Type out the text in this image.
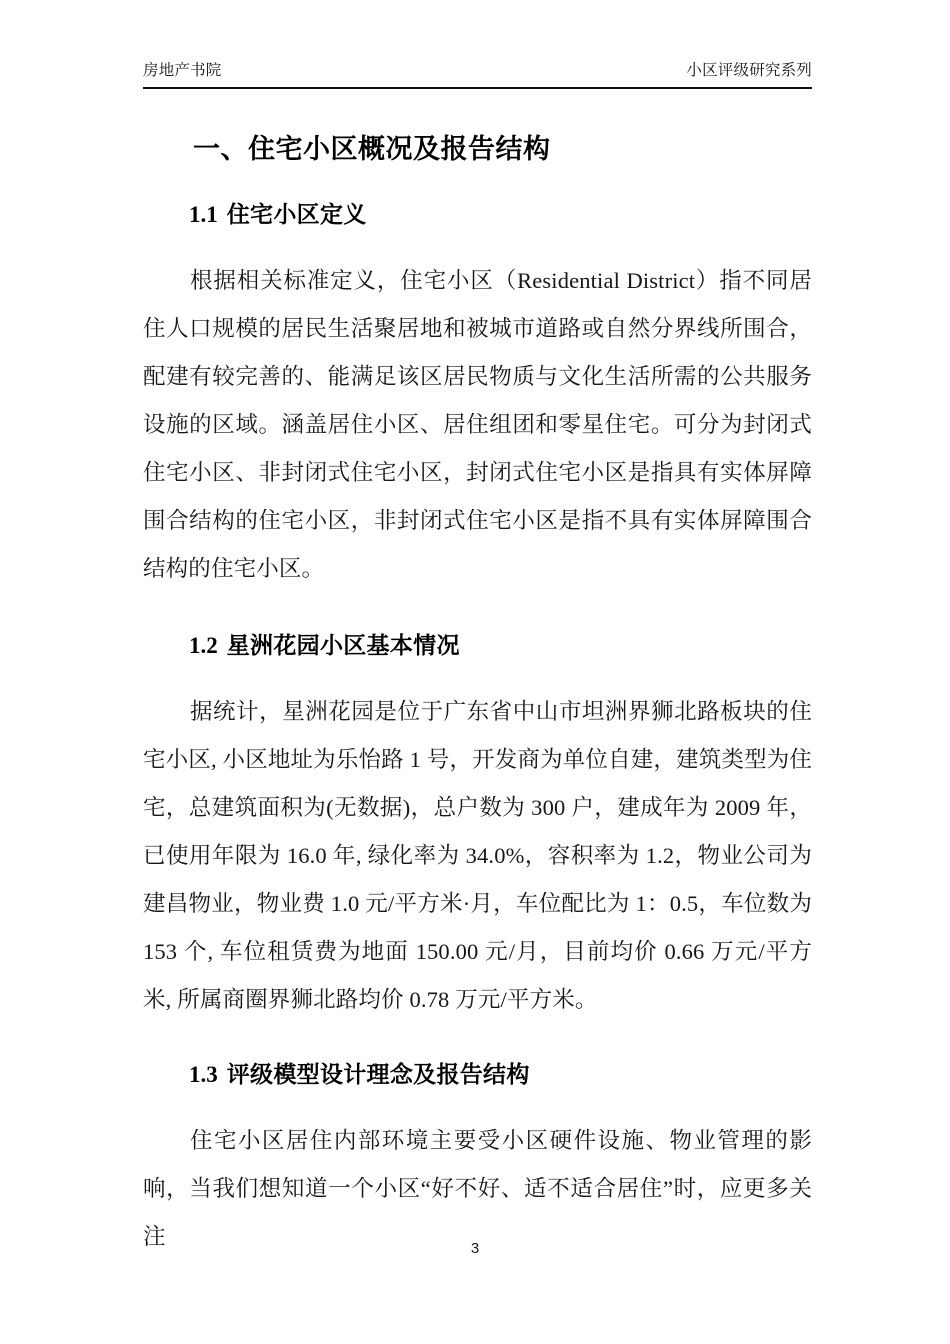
房地产书院	小区评级研究系列
一、住宅小区概况及报告结构
1.1 住宅小区定义

根据相关标准定义，住宅小区（Residential District）指不同居住人口规模的居民生活聚居地和被城市道路或自然分界线所围合，配建有较完善的、能满足该区居民物质与文化生活所需的公共服务设施的区域。涵盖居住小区、居住组团和零星住宅。可分为封闭式住宅小区、非封闭式住宅小区，封闭式住宅小区是指具有实体屏障围合结构的住宅小区，非封闭式住宅小区是指不具有实体屏障围合结构的住宅小区。

1.2 星洲花园小区基本情况

据统计，星洲花园是位于广东省中山市坦洲界狮北路板块的住宅小区, 小区地址为乐怡路 1 号，开发商为单位自建，建筑类型为住宅，总建筑面积为(无数据)，总户数为 300 户，建成年为 2009 年，已使用年限为 16.0 年, 绿化率为 34.0%，容积率为 1.2，物业公司为建昌物业，物业费 1.0 元/平方米·月，车位配比为 1：0.5，车位数为 153 个, 车位租赁费为地面 150.00 元/月，目前均价 0.66 万元/平方米, 所属商圈界狮北路均价 0.78 万元/平方米。

1.3 评级模型设计理念及报告结构

住宅小区居住内部环境主要受小区硬件设施、物业管理的影响，当我们想知道一个小区“好不好、适不适合居住”时，应更多关注	3
